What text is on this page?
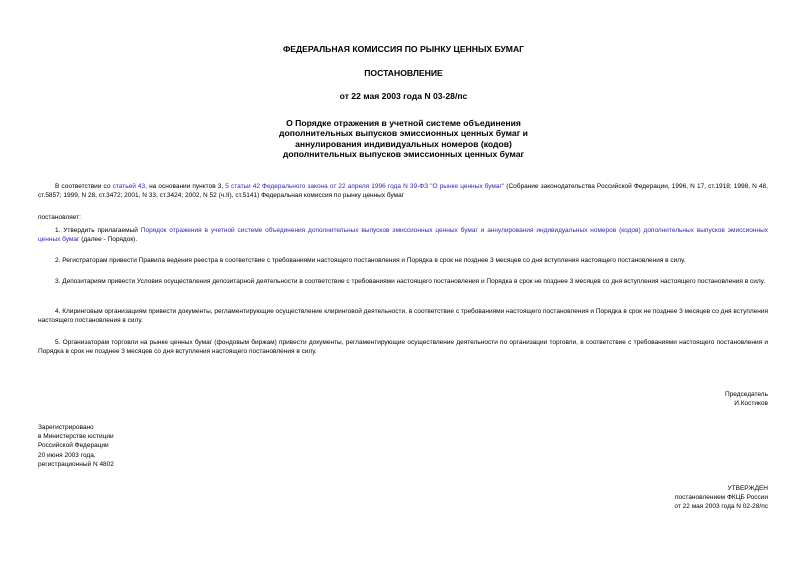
ФЕДЕРАЛЬНАЯ КОМИССИЯ ПО РЫНКУ ЦЕННЫХ БУМАГ
ПОСТАНОВЛЕНИЕ
от 22 мая 2003 года N 03-28/пс
О Порядке отражения в учетной системе объединения
дополнительных выпусков эмиссионных ценных бумаг и
аннулирования индивидуальных номеров (кодов)
дополнительных выпусков эмиссионных ценных бумаг

В соответствии со статьей 43, на основании пунктов 3, 5 статьи 42 Федерального закона от 22 апреля 1996 года N 39-ФЗ "О рынке ценных бумаг" (Собрание законодательства Российской Федерации, 1996, N 17, ст.1918; 1998, N 48, ст.5857; 1999, N 28, ст.3472; 2001, N 33, ст.3424; 2002, N 52 (ч.II), ст.5141) Федеральная комиссия по рынку ценных бумаг

постановляет:

1. Утвердить прилагаемый Порядок отражения в учетной системе объединения дополнительных выпусков эмиссионных ценных бумаг и аннулирования индивидуальных номеров (кодов) дополнительных выпусков эмиссионных ценных бумаг (далее - Порядок).

2. Регистраторам привести Правила ведения реестра в соответствие с требованиями настоящего постановления и Порядка в срок не позднее 3 месяцев со дня вступления настоящего постановления в силу.

3. Депозитариям привести Условия осуществления депозитарной деятельности в соответствие с требованиями настоящего постановления и Порядка в срок не позднее 3 месяцев со дня вступления настоящего постановления в силу.

4. Клиринговым организациям привести документы, регламентирующие осуществление клиринговой деятельности, в соответствие с требованиями настоящего постановления и Порядка в срок не позднее 3 месяцев со дня вступления настоящего постановления в силу.

5. Организаторам торговли на рынке ценных бумаг (фондовым биржам) привести документы, регламентирующие осуществление деятельности по организации торговли, в соответствие с требованиями настоящего постановления и Порядка в срок не позднее 3 месяцев со дня вступления настоящего постановления в силу.

Председатель
И.Костиков
Зарегистрировано
в Министерстве юстиции
Российской Федерации
20 июня 2003 года,
регистрационный N 4802
УТВЕРЖДЕН
постановлением ФКЦБ России
от 22 мая 2003 года N 02-28/пс
